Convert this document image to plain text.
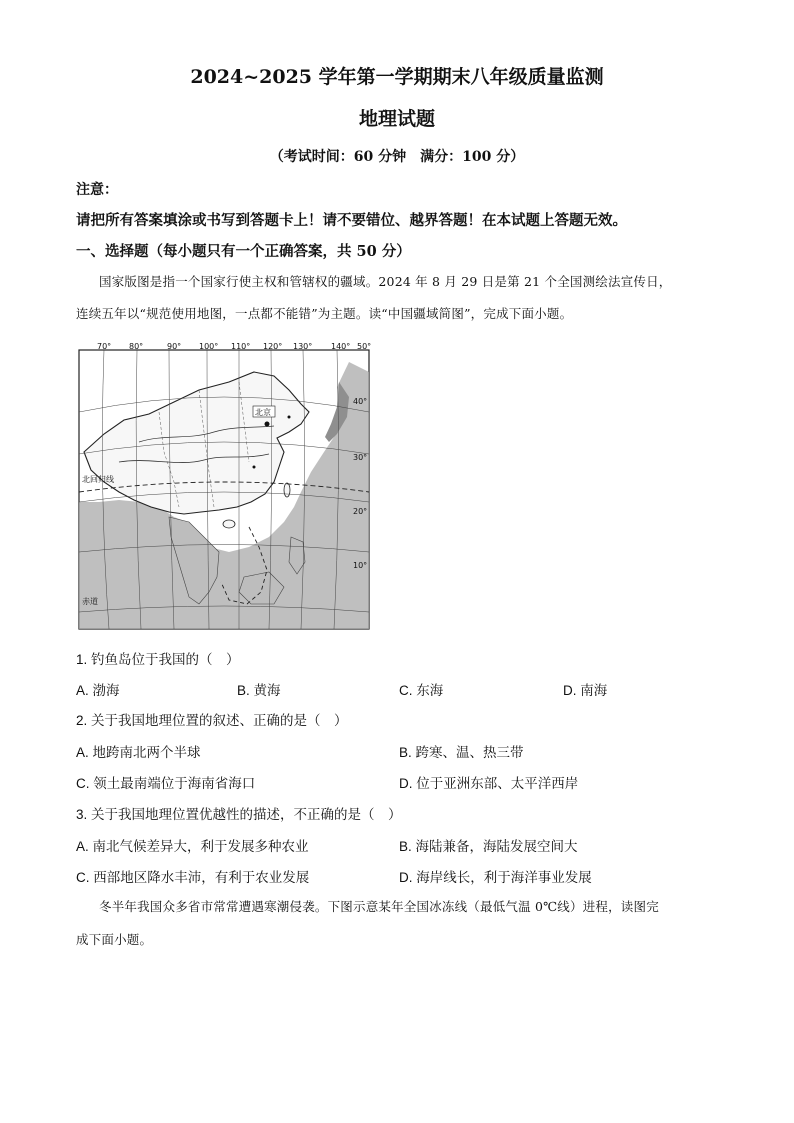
2024~2025 学年第一学期期末八年级质量监测
地理试题
（考试时间：60 分钟　满分：100 分）
注意：
请把所有答案填涂或书写到答题卡上！请不要错位、越界答题！在本试题上答题无效。
一、选择题（每小题只有一个正确答案，共 50 分）
国家版图是指一个国家行使主权和管辖权的疆域。2024 年 8 月 29 日是第 21 个全国测绘法宣传日，
连续五年以“规范使用地图，一点都不能错”为主题。读“中国疆域简图”，完成下面小题。
70° 80°	90° 100° 110° 120° 130° 140° 50°
40°
30°
20°
10°
北京
北回归线
赤道
1. 钓鱼岛位于我国的（　）
A. 渤海	B. 黄海	C. 东海	D. 南海
2. 关于我国地理位置的叙述、正确的是（　）
A. 地跨南北两个半球	B. 跨寒、温、热三带
C. 领土最南端位于海南省海口	D. 位于亚洲东部、太平洋西岸
3. 关于我国地理位置优越性的描述，不正确的是（　）
A. 南北气候差异大，利于发展多种农业	B. 海陆兼备，海陆发展空间大
C. 西部地区降水丰沛，有利于农业发展	D. 海岸线长，利于海洋事业发展
冬半年我国众多省市常常遭遇寒潮侵袭。下图示意某年全国冰冻线（最低气温 0℃线）进程，读图完
成下面小题。
